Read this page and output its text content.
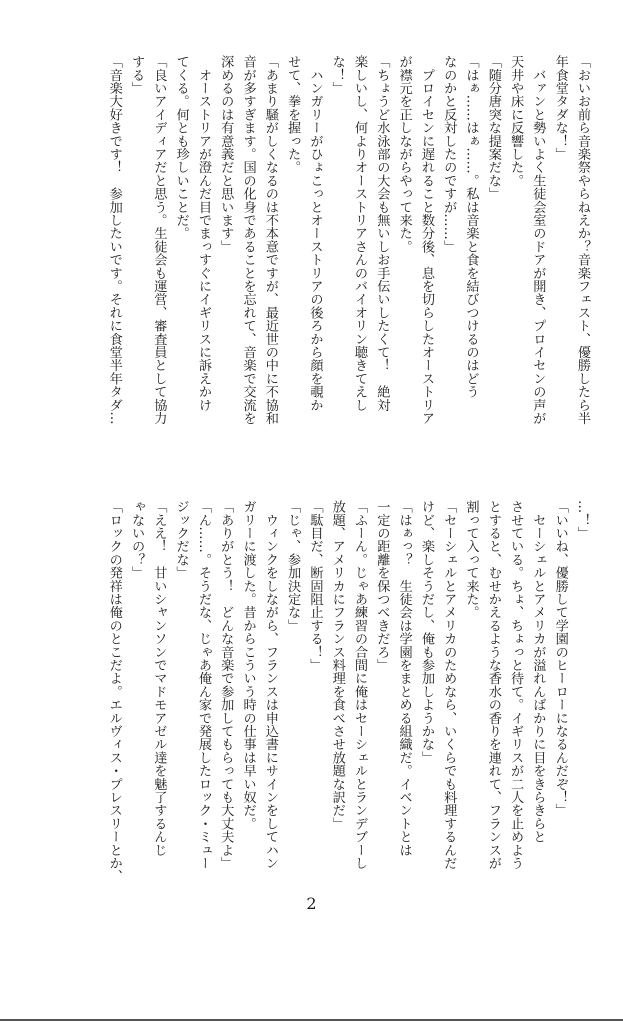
「おいお前ら音楽祭やらねえか？音楽フェスト、優勝したら半

年食堂タダな！」

　バァンと勢いよく生徒会室のドアが開き、プロイセンの声が

天井や床に反響した。

「随分唐突な提案だな」

「はぁ……はぁ……。私は音楽と食を結びつけるのはどう

なのかと反対したのですが……」

　プロイセンに遅れること数分後、息を切らしたオーストリア

が襟元を正しながらやって来た。

「ちょうど水泳部の大会も無いしお手伝いしたくて！　絶対

楽しいし、何よりオーストリアさんのバイオリン聴きてえし

な！」

　ハンガリーがひょこっとオーストリアの後ろから顔を覗か

せて、拳を握った。

「あまり騒がしくなるのは不本意ですが、最近世の中に不協和

音が多すぎます。国の化身であることを忘れて、音楽で交流を

深めるのは有意義だと思います」

　オーストリアが澄んだ目でまっすぐにイギリスに訴えかけ

てくる。何とも珍しいことだ。

「良いアイディアだと思う。生徒会も運営、審査員として協力

する」

「音楽大好きです！　参加したいです。それに食堂半年タダ…

…！」

「いいね、優勝して学園のヒーローになるんだぞ！」

　セーシェルとアメリカが溢れんばかりに目をきらきらと

させている。ちょ、ちょっと待て。イギリスが二人を止めよう

とすると、むせかえるような香水の香りを連れて、フランスが

割って入って来た。

「セーシェルとアメリカのためなら、いくらでも料理するんだ

けど、楽しそうだし、俺も参加しようかな」

「はぁっ？　生徒会は学園をまとめる組織だ。イベントとは

一定の距離を保つべきだろ」

「ふーん。じゃあ練習の合間に俺はセーシェルとランデブーし

放題、アメリカにフランス料理を食べさせ放題な訳だ」

「駄目だ、断固阻止する！」

「じゃ、参加決定な」

　ウィンクをしながら、フランスは申込書にサインをしてハン

ガリーに渡した。昔からこういう時の仕事は早い奴だ。

「ありがとう！　どんな音楽で参加してもらっても大丈夫よ」

「ん……。そうだな、じゃあ俺ん家で発展したロック・ミュー

ジックだな」

「ええ！　甘いシャンソンでマドモアゼル達を魅了するんじ

ゃないの？」

「ロックの発祥は俺のとこだよ。エルヴィス・プレスリーとか、

2
